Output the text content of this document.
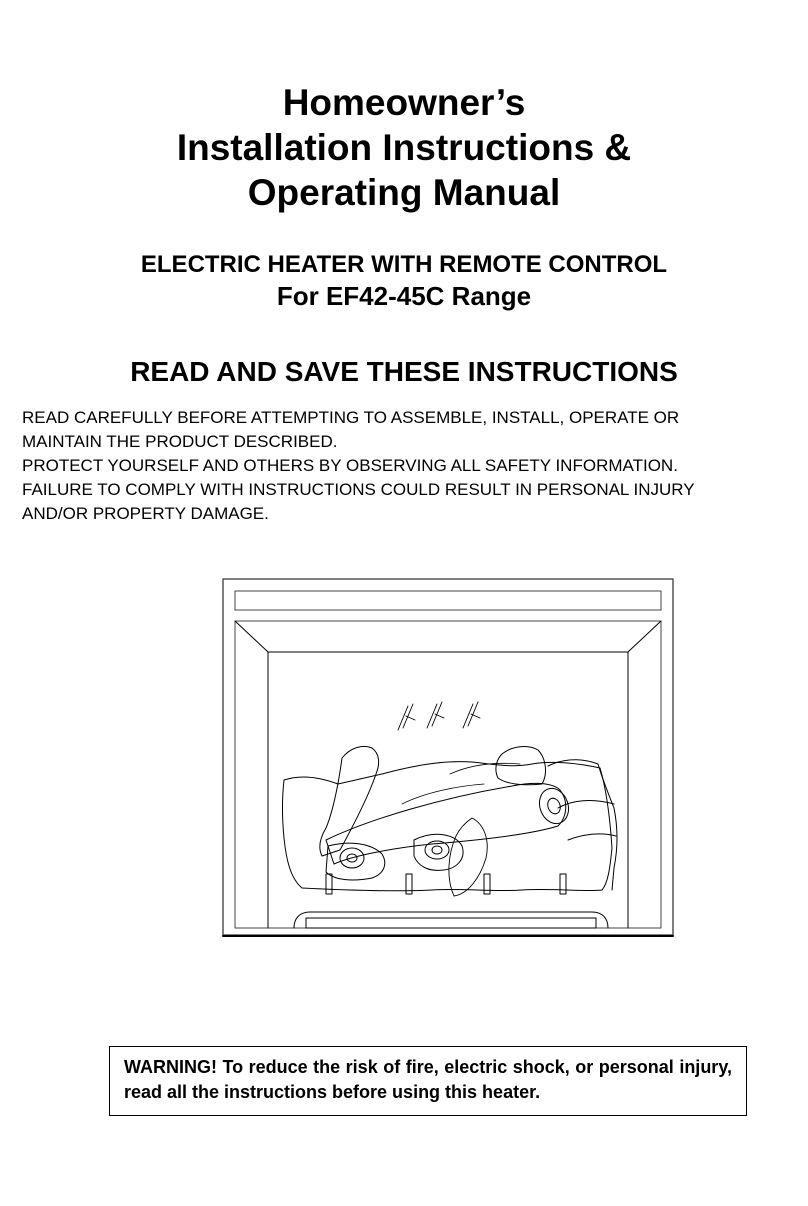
Homeowner’s
Installation Instructions &
Operating Manual
ELECTRIC HEATER WITH REMOTE CONTROL
For EF42-45C Range
READ AND SAVE THESE INSTRUCTIONS

READ CAREFULLY BEFORE ATTEMPTING TO ASSEMBLE, INSTALL, OPERATE OR
MAINTAIN THE PRODUCT DESCRIBED.
PROTECT YOURSELF AND OTHERS BY OBSERVING ALL SAFETY INFORMATION.
FAILURE TO COMPLY WITH INSTRUCTIONS COULD RESULT IN PERSONAL INJURY
AND/OR PROPERTY DAMAGE.

WARNING! To reduce the risk of fire, electric shock, or personal injury, read all the instructions before using this heater.
